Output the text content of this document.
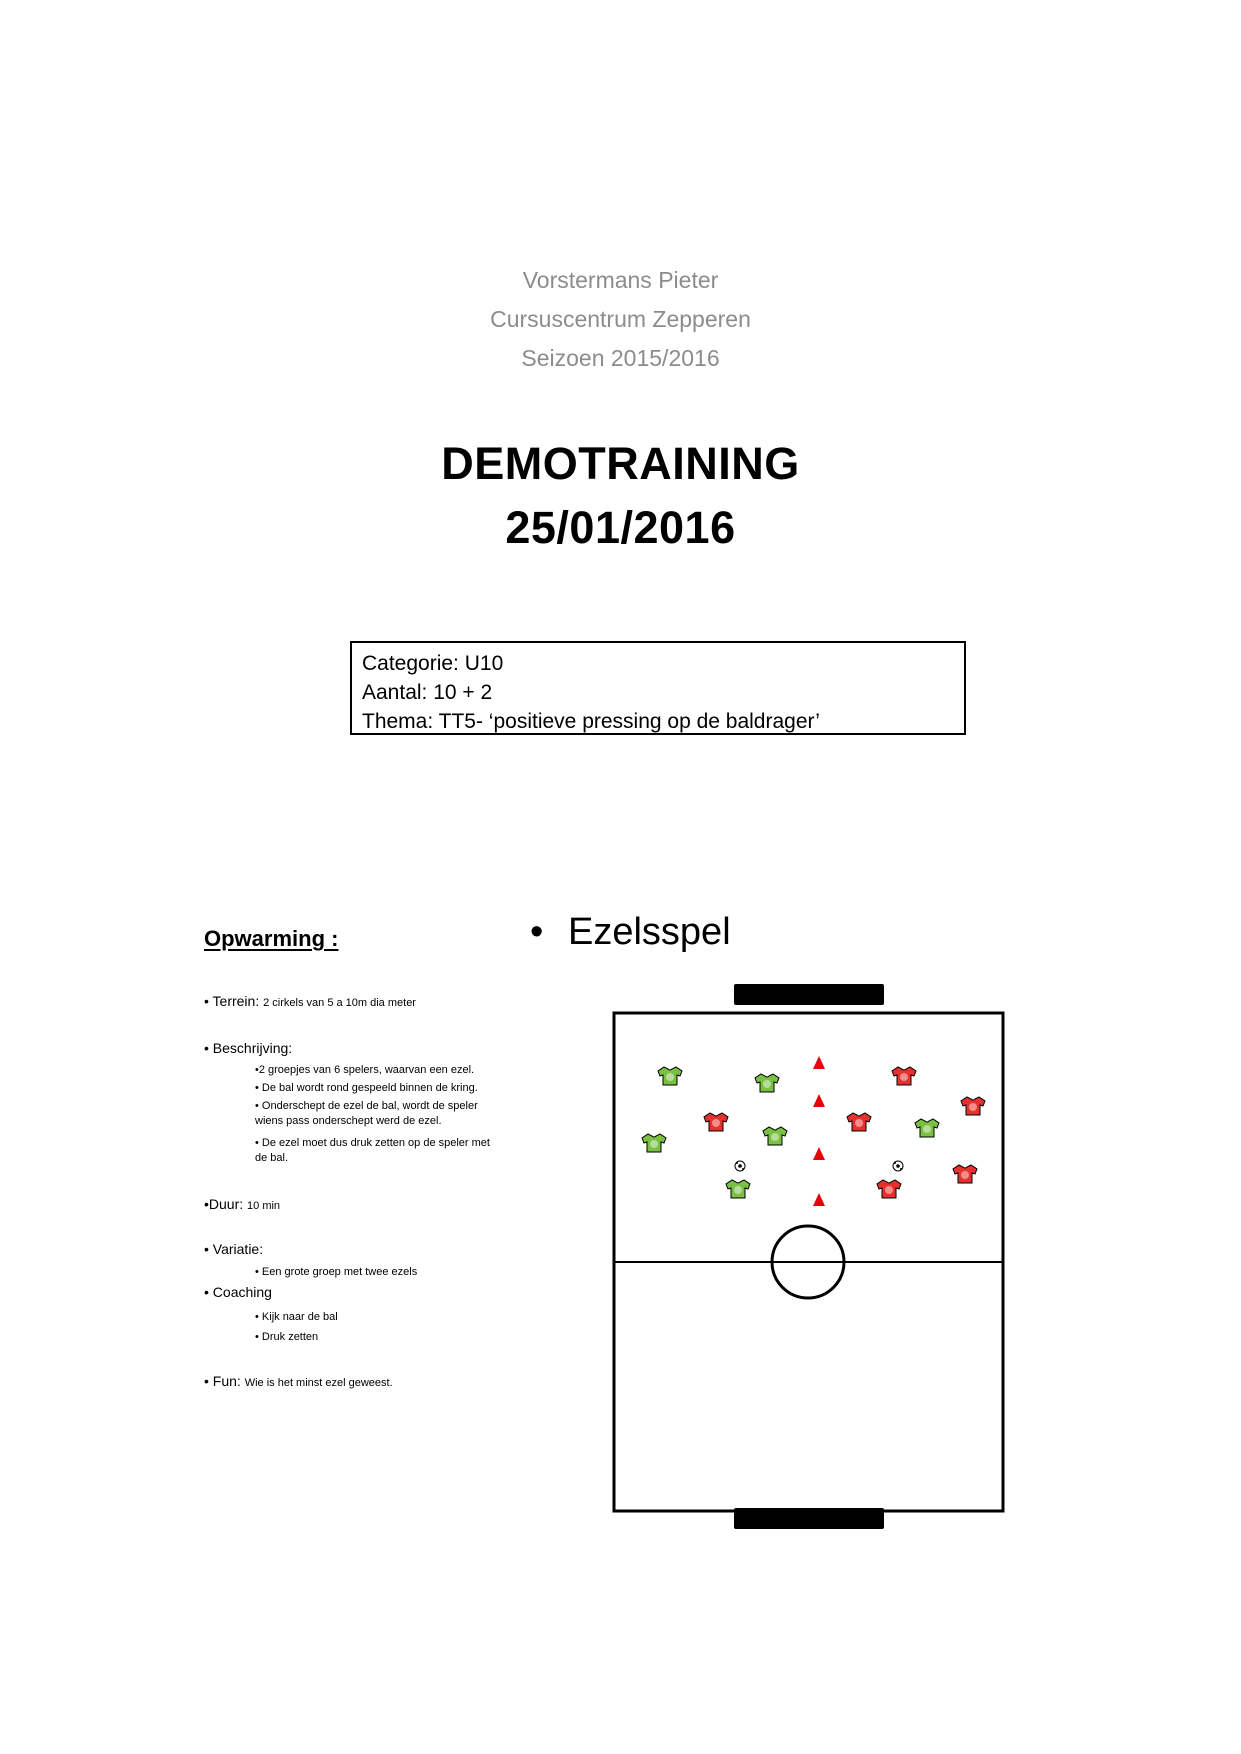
Vorstermans Pieter
Cursuscentrum Zepperen
Seizoen 2015/2016
DEMOTRAINING
25/01/2016
Categorie: U10
Aantal: 10 + 2
Thema: TT5- ‘positieve pressing op de baldrager’
Opwarming :
• Terrein: 2 cirkels van 5 a 10m dia meter
• Beschrijving:
•2 groepjes van 6 spelers, waarvan een ezel.
• De bal wordt rond gespeeld binnen de kring.
• Onderschept de ezel de bal, wordt de speler wiens pass onderschept werd de ezel.
• De ezel moet dus druk zetten op de speler met de bal.
•Duur: 10 min
• Variatie:
• Een grote groep met twee ezels
• Coaching
• Kijk naar de bal
• Druk zetten
• Fun: Wie is het minst ezel geweest.
• Ezelsspel
